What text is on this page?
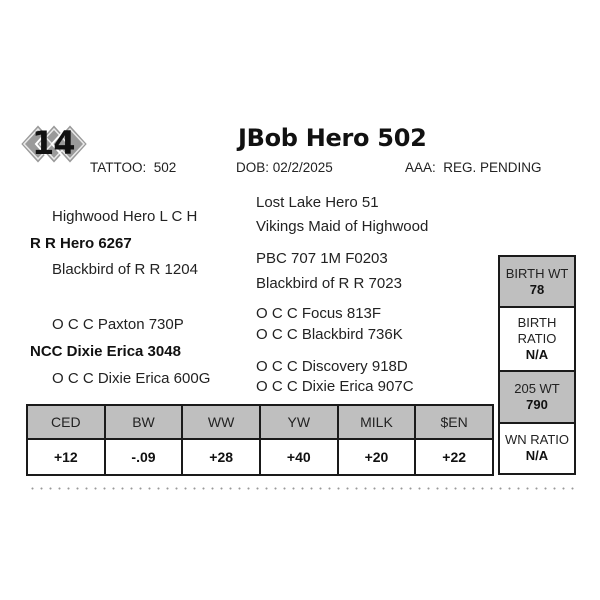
14	JBob Hero 502
TATTOO:  502	DOB: 02/2/2025	AAA:  REG. PENDING
Highwood Hero L C H
R R Hero 6267
Blackbird of R R 1204
Lost Lake Hero 51
Vikings Maid of Highwood
PBC 707 1M F0203
Blackbird of R R 7023
O C C Paxton 730P
NCC Dixie Erica 3048
O C C Dixie Erica 600G
O C C Focus 813F
O C C Blackbird 736K
O C C Discovery 918D
O C C Dixie Erica 907C
BIRTH WT
78
BIRTH RATIO
N/A
205 WT
790
WN RATIO
N/A
CED	BW	WW	YW	MILK	$EN
+12	-.09	+28	+40	+20	+22
